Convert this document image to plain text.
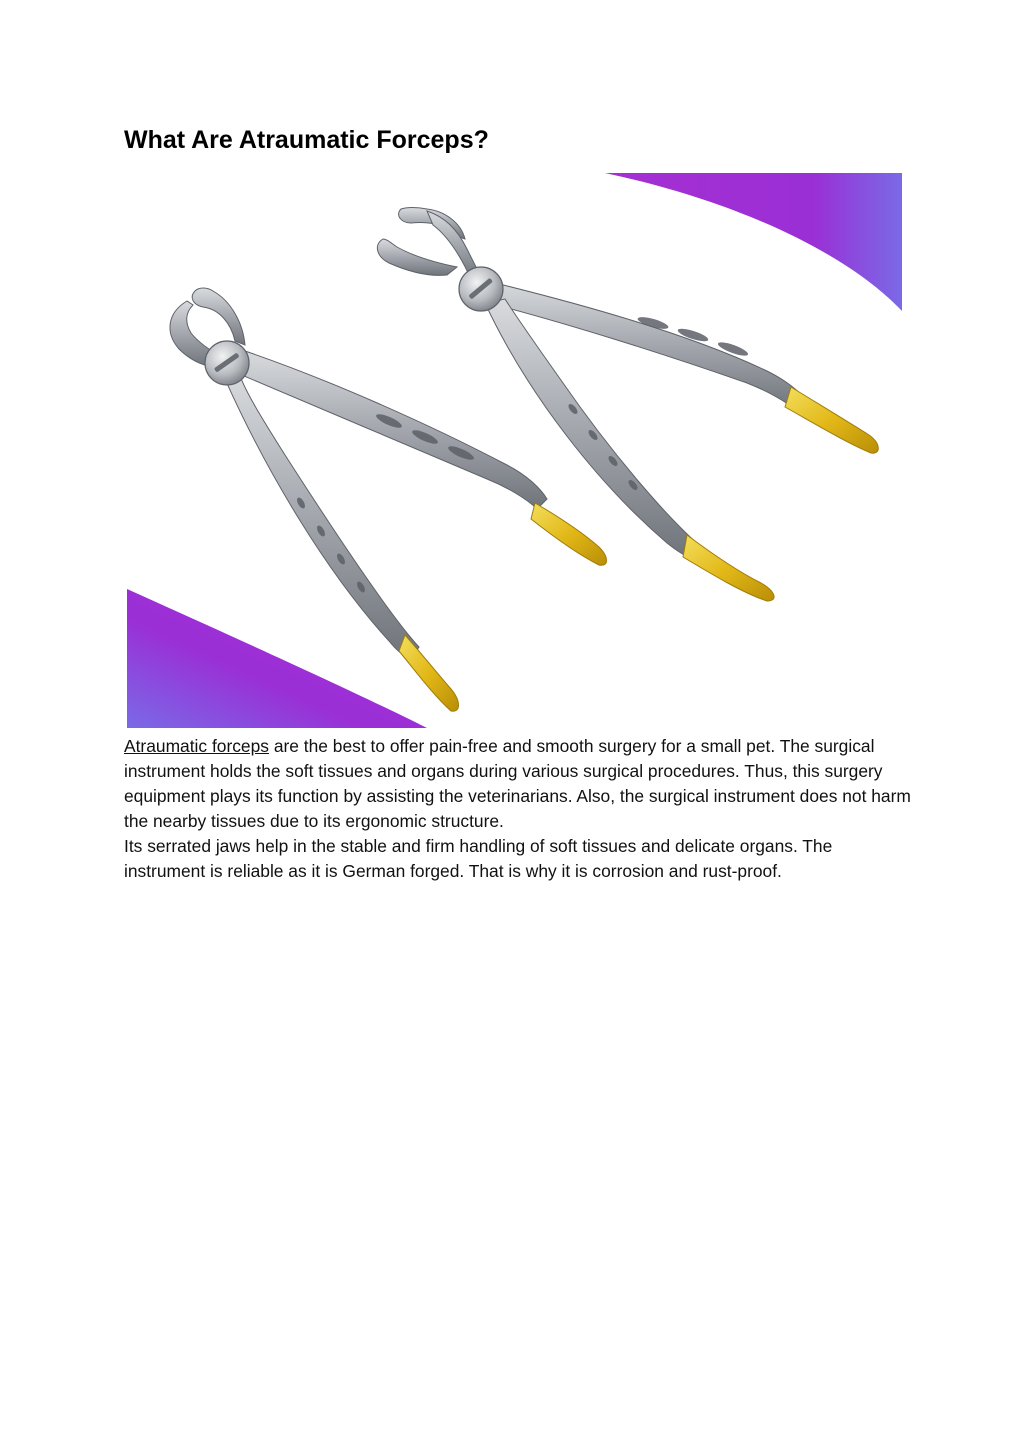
What Are Atraumatic Forceps?

Atraumatic forceps are the best to offer pain-free and smooth surgery for a small pet. The surgical instrument holds the soft tissues and organs during various surgical procedures. Thus, this surgery equipment plays its function by assisting the veterinarians. Also, the surgical instrument does not harm the nearby tissues due to its ergonomic structure.

Its serrated jaws help in the stable and firm handling of soft tissues and delicate organs. The instrument is reliable as it is German forged. That is why it is corrosion and rust-proof.
